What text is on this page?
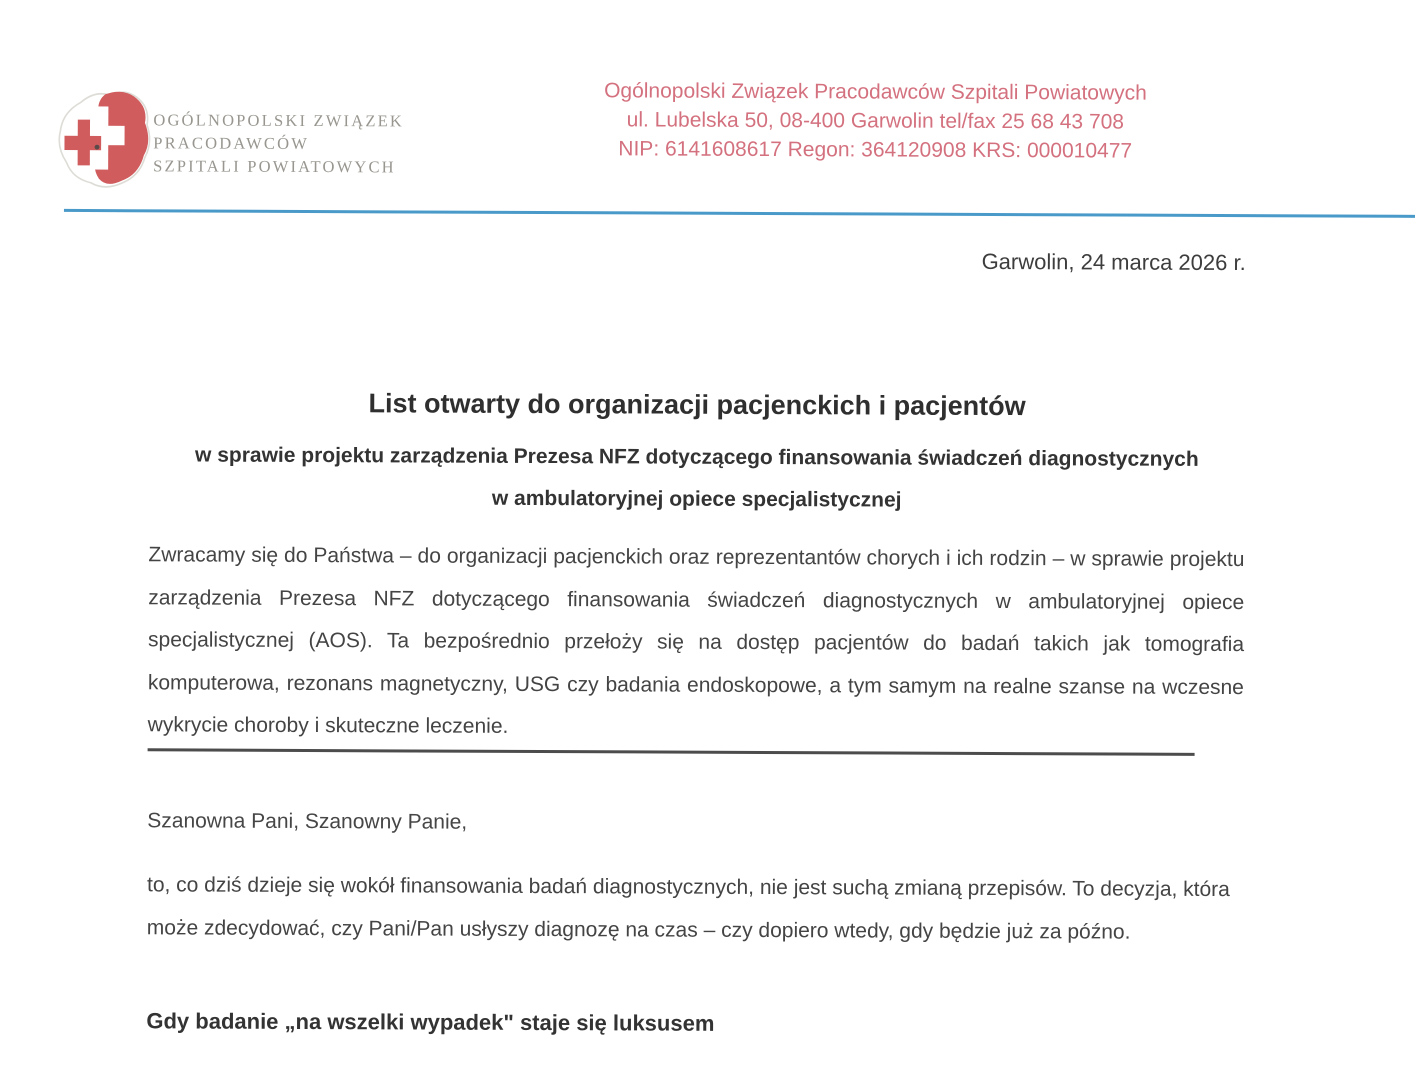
OGÓLNOPOLSKI ZWIĄZEK
PRACODAWCÓW
SZPITALI POWIATOWYCH
Ogólnopolski Związek Pracodawców Szpitali Powiatowych
ul. Lubelska 50, 08-400 Garwolin tel/fax 25 68 43 708
NIP: 6141608617 Regon: 364120908 KRS: 000010477
Garwolin, 24 marca 2026 r.
List otwarty do organizacji pacjenckich i pacjentów
w sprawie projektu zarządzenia Prezesa NFZ dotyczącego finansowania świadczeń diagnostycznych
w ambulatoryjnej opiece specjalistycznej
Zwracamy się do Państwa – do organizacji pacjenckich oraz reprezentantów chorych i ich rodzin – w sprawie projektu zarządzenia Prezesa NFZ dotyczącego finansowania świadczeń diagnostycznych w ambulatoryjnej opiece specjalistycznej (AOS). Ta bezpośrednio przełoży się na dostęp pacjentów do badań takich jak tomografia komputerowa, rezonans magnetyczny, USG czy badania endoskopowe, a tym samym na realne szanse na wczesne wykrycie choroby i skuteczne leczenie.
Szanowna Pani, Szanowny Panie,
to, co dziś dzieje się wokół finansowania badań diagnostycznych, nie jest suchą zmianą przepisów. To decyzja, która może zdecydować, czy Pani/Pan usłyszy diagnozę na czas – czy dopiero wtedy, gdy będzie już za późno.
Gdy badanie „na wszelki wypadek" staje się luksusem
